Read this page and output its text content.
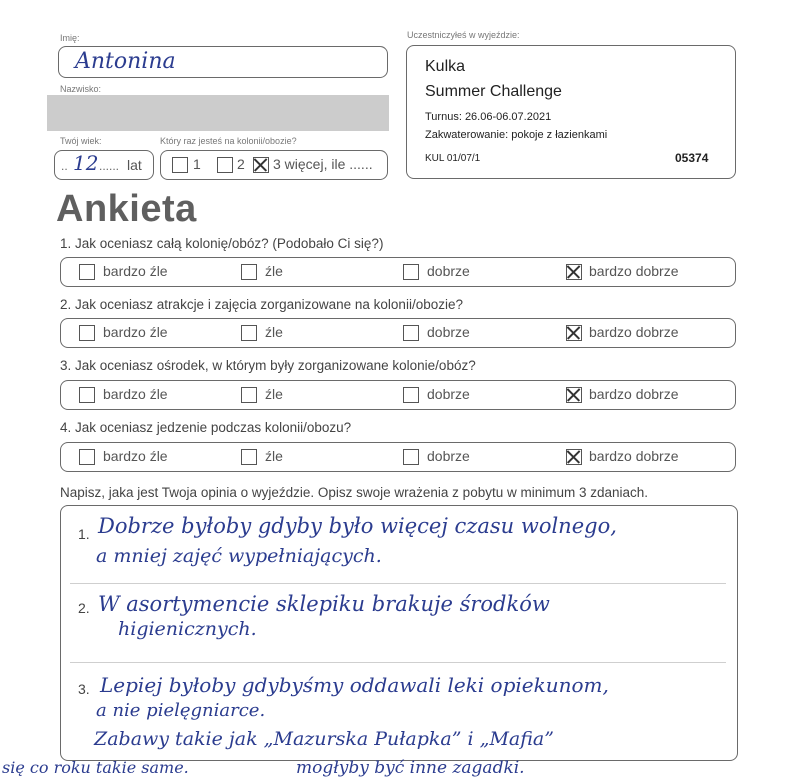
Imię:
Antonina
Nazwisko:
Twój wiek:	Który raz jesteś na kolonii/obozie?
.. 12 ...... lat	1	2 3 więcej, ile ......
Uczestniczyłeś w wyjeździe:
Kulka
Summer Challenge
Turnus: 26.06-06.07.2021
Zakwaterowanie: pokoje z łazienkami
KUL 01/07/1	05374
Ankieta
1. Jak oceniasz całą kolonię/obóz? (Podobało Ci się?)
bardzo źle	źle	dobrze	bardzo dobrze
2. Jak oceniasz atrakcje i zajęcia zorganizowane na kolonii/obozie?
bardzo źle	źle	dobrze	bardzo dobrze
3. Jak oceniasz ośrodek, w którym były zorganizowane kolonie/obóz?
bardzo źle	źle	dobrze	bardzo dobrze
4. Jak oceniasz jedzenie podczas kolonii/obozu?
bardzo źle	źle	dobrze	bardzo dobrze
Napisz, jaka jest Twoja opinia o wyjeździe. Opisz swoje wrażenia z pobytu w minimum 3 zdaniach.
1.
2.
3.
Dobrze byłoby gdyby było więcej czasu wolnego,
a mniej zajęć wypełniających.
W asortymencie sklepiku brakuje środków
higienicznych.
Lepiej byłoby gdybyśmy oddawali leki opiekunom,
a nie pielęgniarce.
Zabawy takie jak „Mazurska Pułapka” i „Mafia”
się co roku takie same.	mogłyby być inne zagadki.
